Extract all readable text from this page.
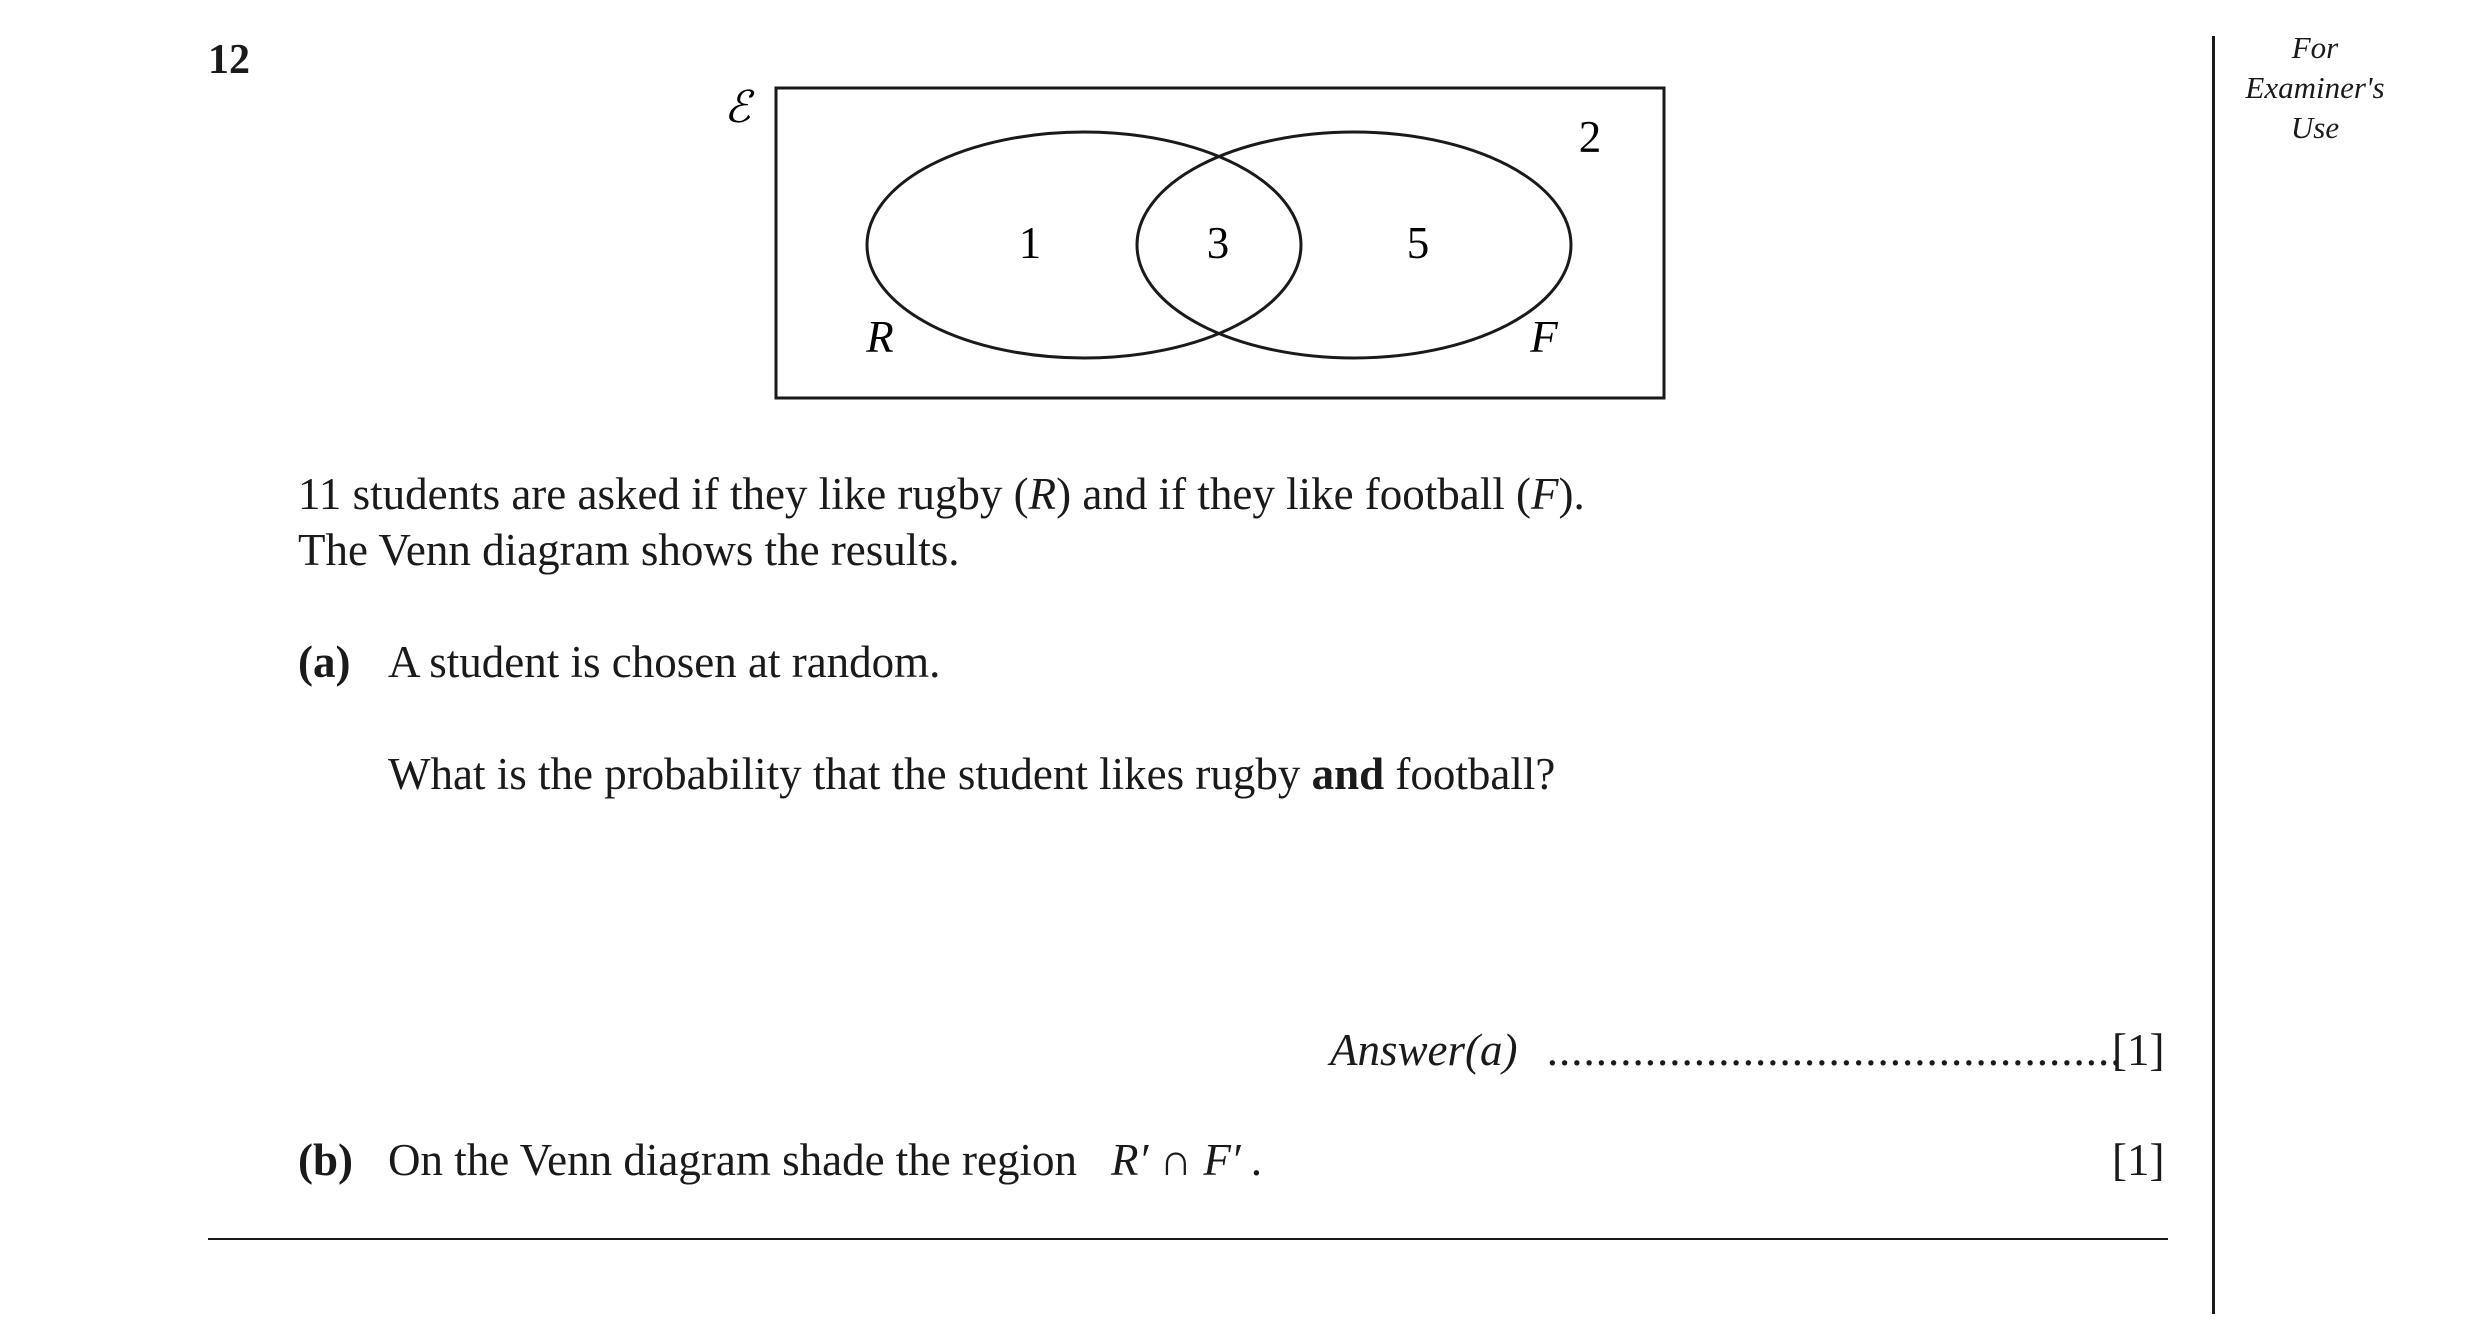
12	For
Examiner's
Use
ℰ
1	3	5
2
R	F
11 students are asked if they like rugby (R) and if they like football (F).
The Venn diagram shows the results.
(a) A student is chosen at random.
What is the probability that the student likes rugby and football?
Answer(a) ...............................................
[1]
(b) On the Venn diagram shade the region R′ ∩ F′ .	[1]
